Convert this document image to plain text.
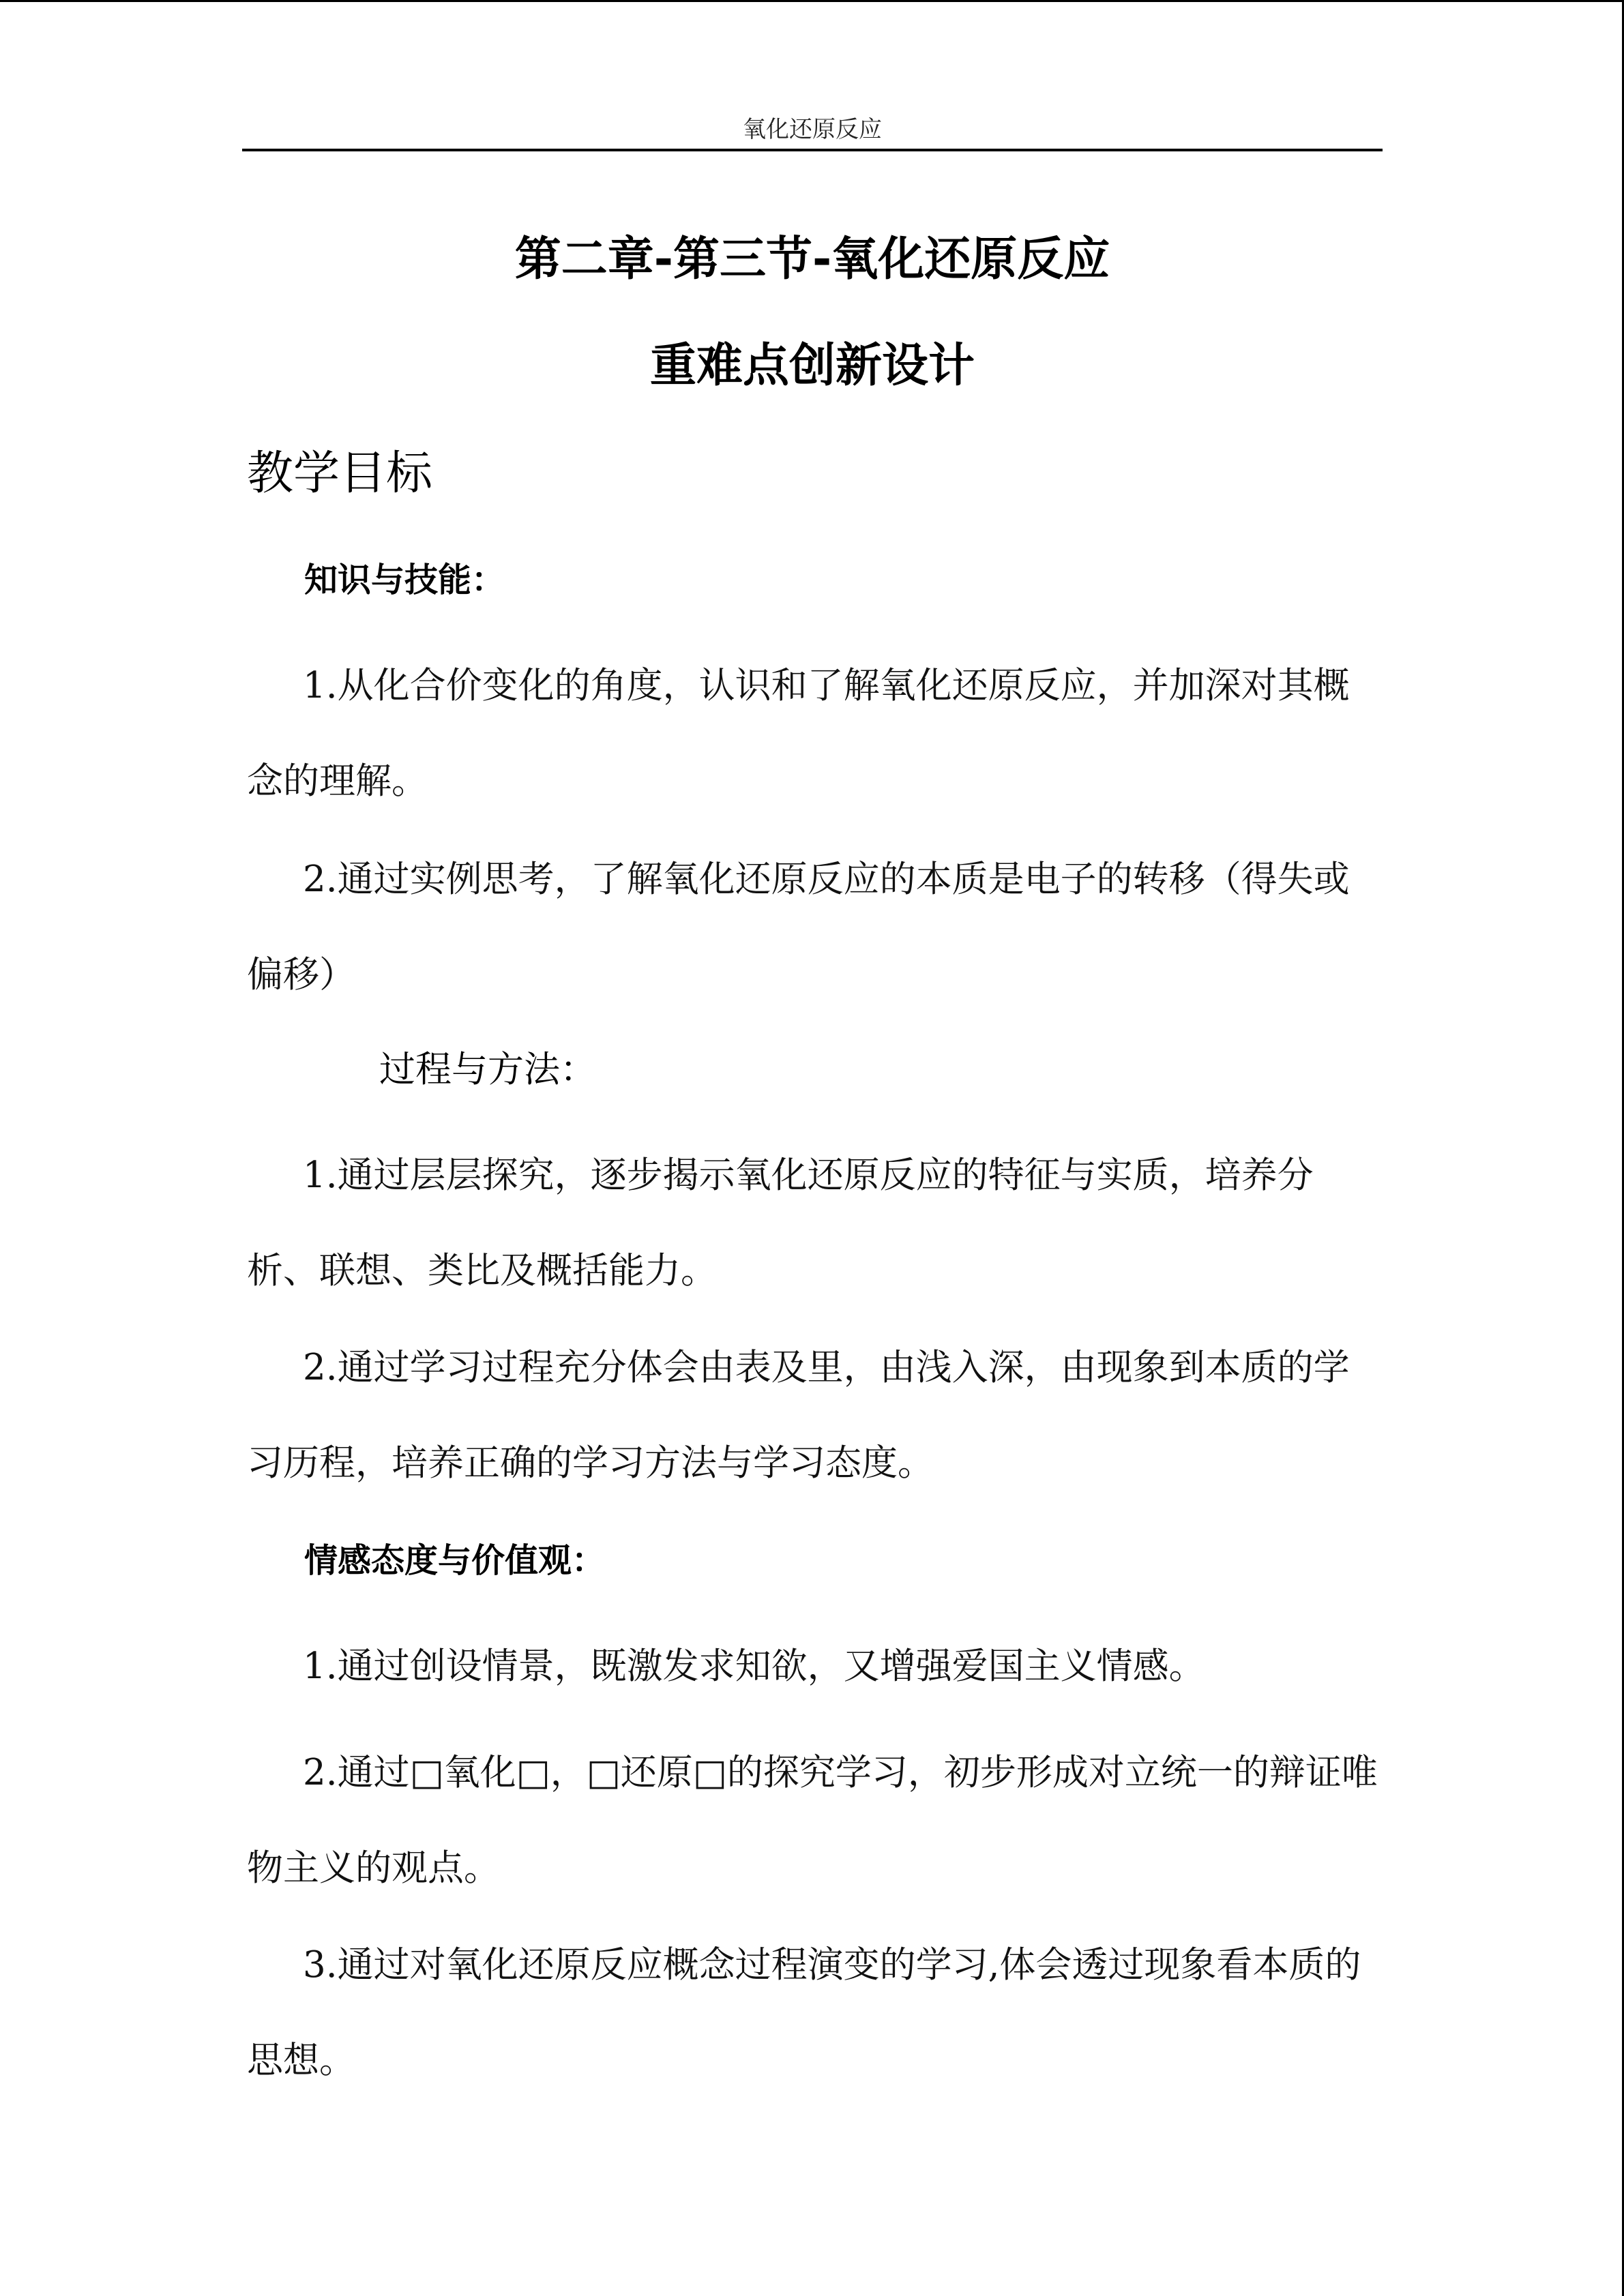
氧化还原反应
第二章-第三节-氧化还原反应
重难点创新设计
教学目标
知识与技能：

1.从化合价变化的角度，认识和了解氧化还原反应，并加深对其概念的理解。

2.通过实例思考，了解氧化还原反应的本质是电子的转移（得失或偏移）

过程与方法：

1.通过层层探究，逐步揭示氧化还原反应的特征与实质，培养分析、联想、类比及概括能力。

2.通过学习过程充分体会由表及里，由浅入深，由现象到本质的学习历程，培养正确的学习方法与学习态度。

情感态度与价值观：

1.通过创设情景，既激发求知欲，又增强爱国主义情感。

2.通过□氧化□，□还原□的探究学习，初步形成对立统一的辩证唯物主义的观点。

3.通过对氧化还原反应概念过程演变的学习,体会透过现象看本质的思想。
